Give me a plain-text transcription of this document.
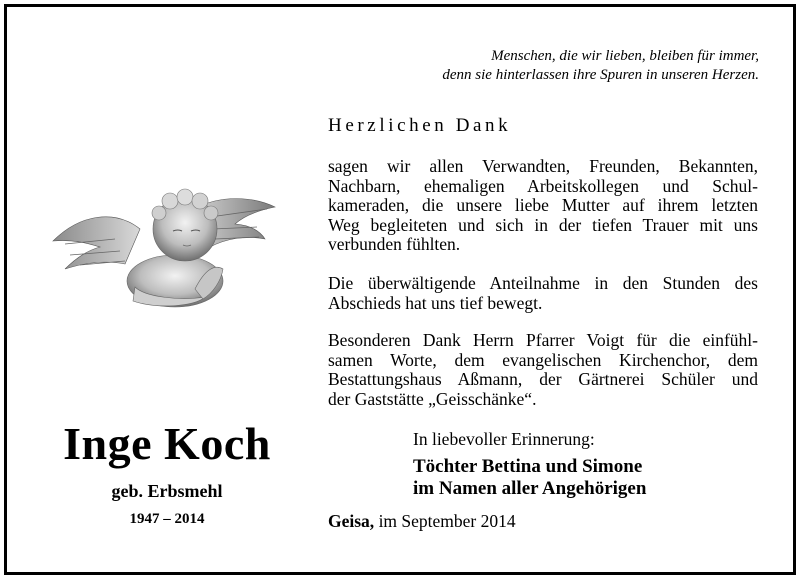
Menschen, die wir lieben, bleiben für immer,
denn sie hinterlassen ihre Spuren in unseren Herzen.
Herzlichen Dank
sagen wir allen Verwandten, Freunden, Bekannten,
Nachbarn, ehemaligen Arbeitskollegen und Schul-
kameraden, die unsere liebe Mutter auf ihrem letzten
Weg begleiteten und sich in der tiefen Trauer mit uns
verbunden fühlten.
Die überwältigende Anteilnahme in den Stunden des
Abschieds hat uns tief bewegt.
Besonderen Dank Herrn Pfarrer Voigt für die einfühl-
samen Worte, dem evangelischen Kirchenchor, dem
Bestattungshaus Aßmann, der Gärtnerei Schüler und
der Gaststätte „Geisschänke“.
Inge Koch
geb. Erbsmehl
1947 – 2014
In liebevoller Erinnerung:
Töchter Bettina und Simone
im Namen aller Angehörigen
Geisa, im September 2014
